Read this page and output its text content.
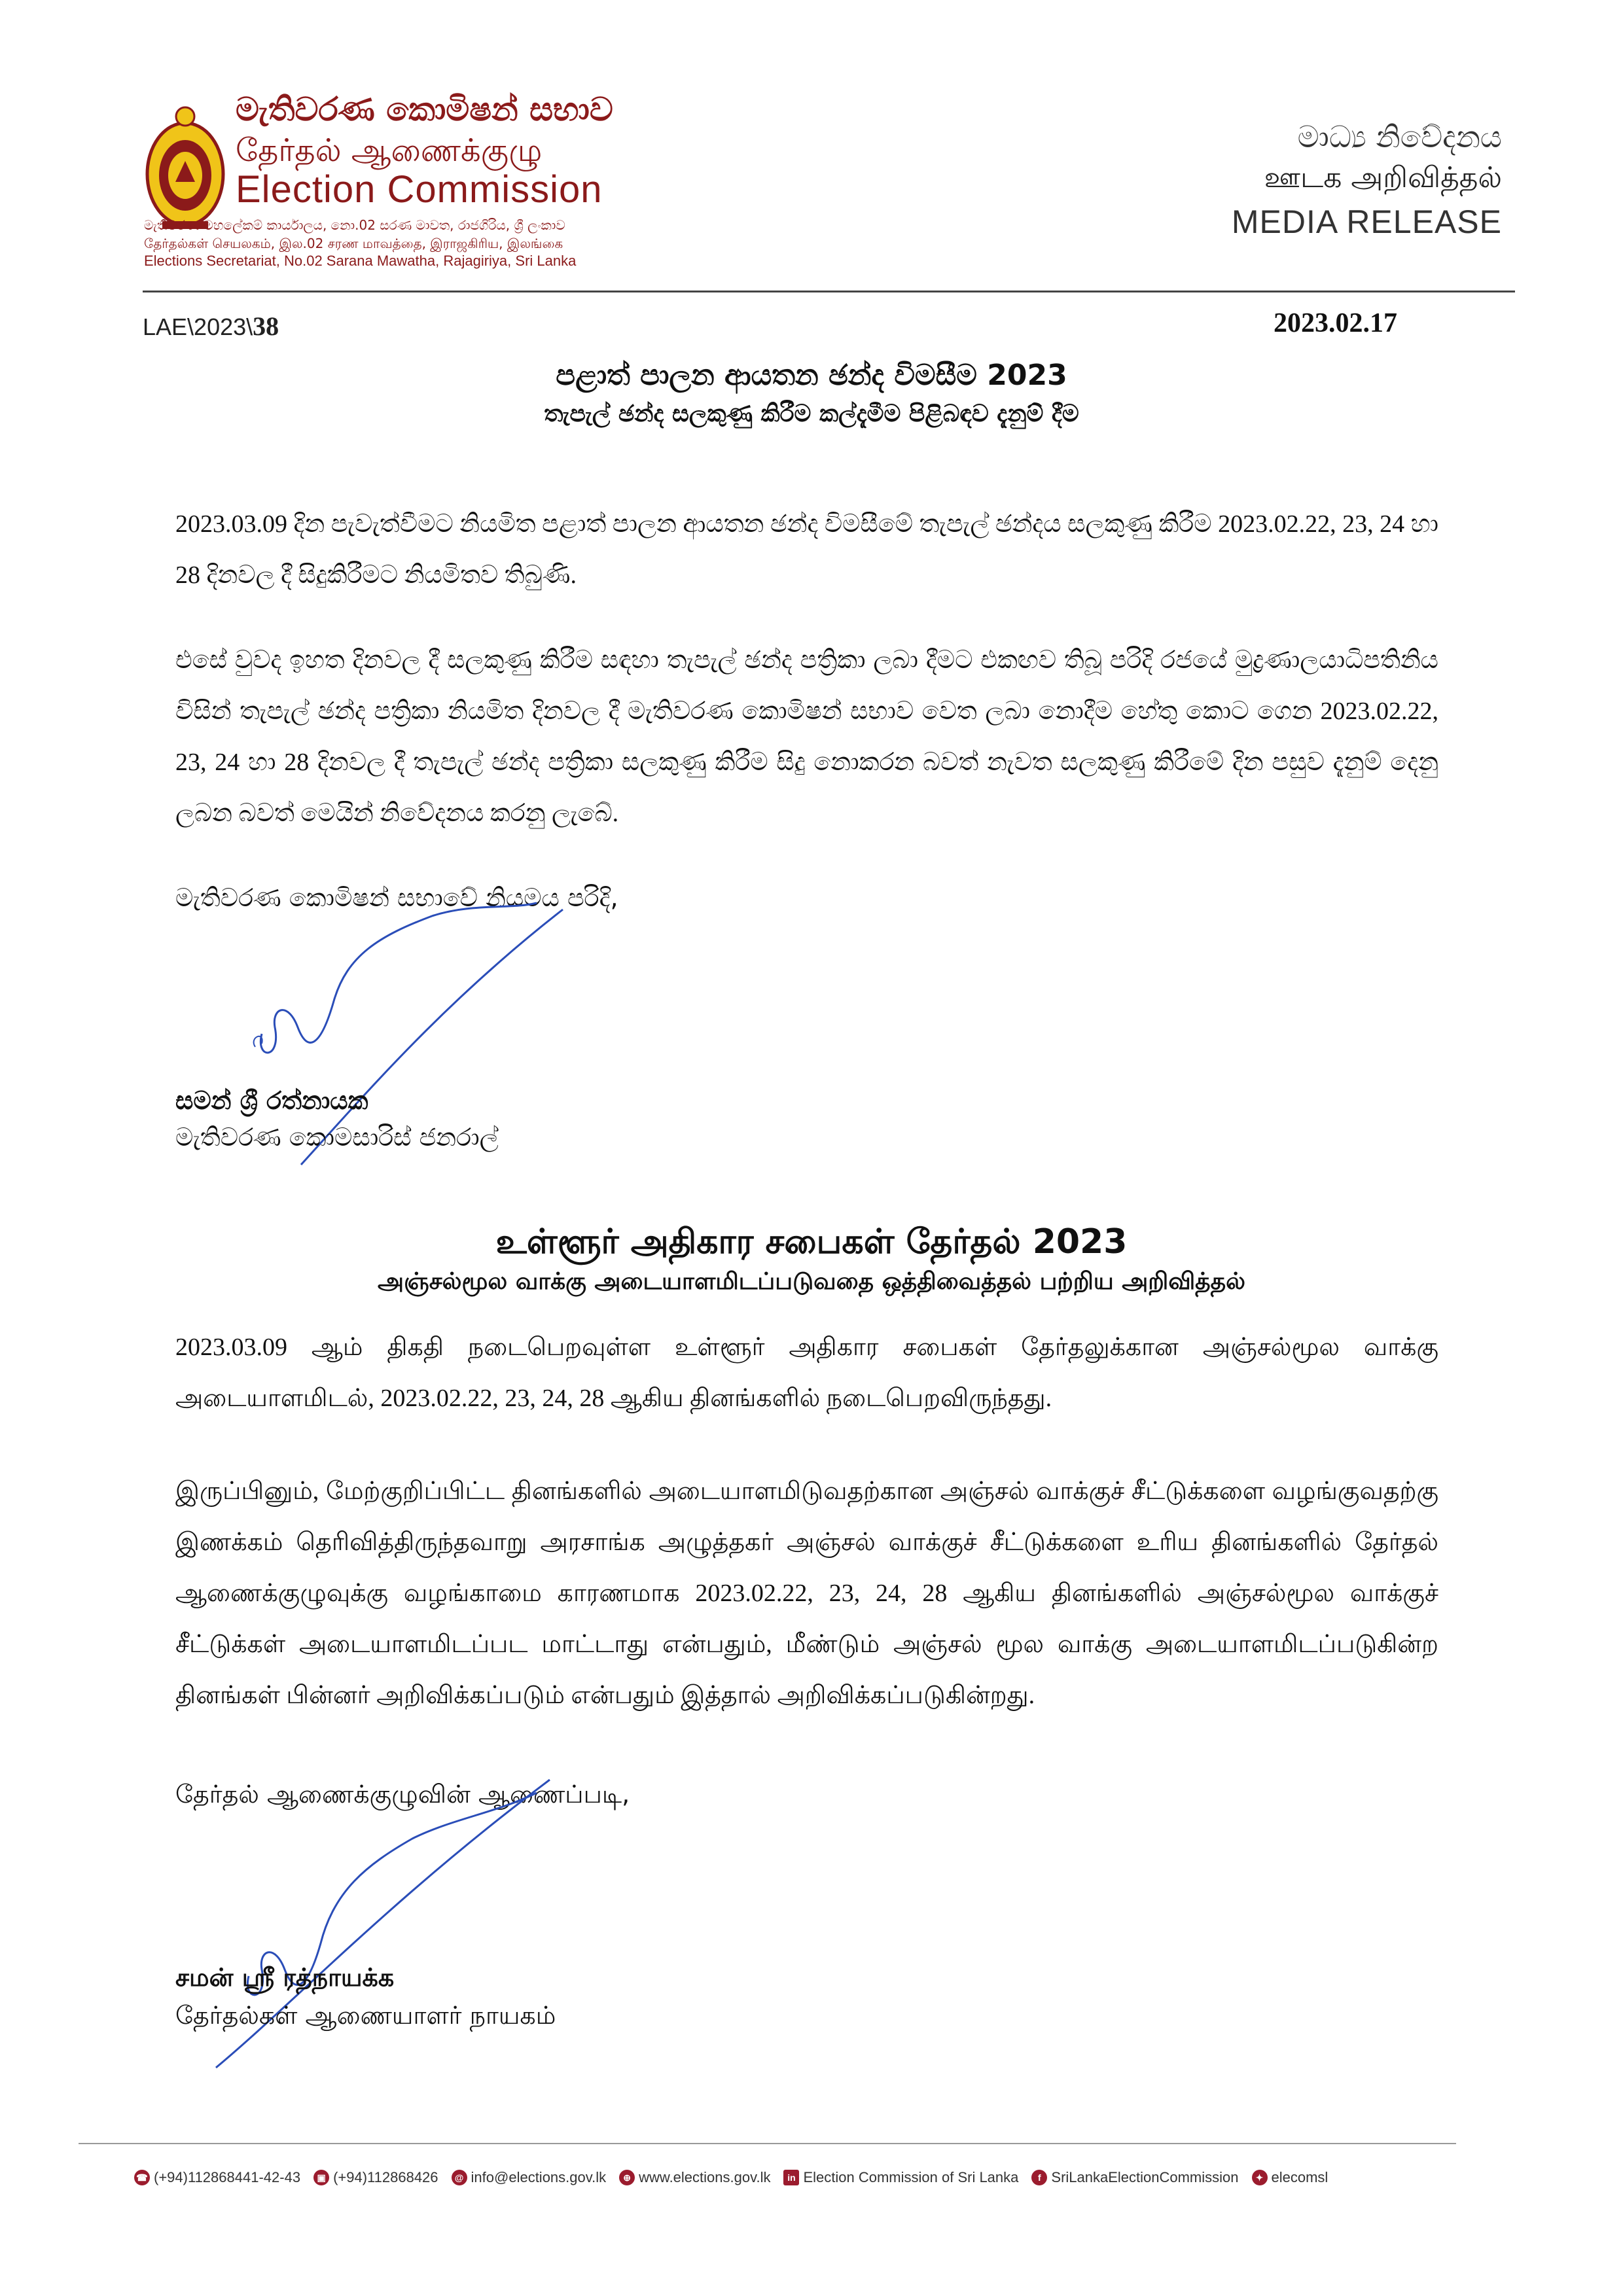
මැතිවරණ කොමිෂන් සභාව
தேர்தல் ஆணைக்குழு
Election Commission
මැතිවරණ මහලේකම් කාර්යාලය, නො.02 සරණ මාවත, රාජගිරිය, ශ්‍රී ලංකාව
தேர்தல்கள் செயலகம், இல.02 சரண மாவத்தை, இராஜகிரிய, இலங்கை
Elections Secretariat, No.02 Sarana Mawatha, Rajagiriya, Sri Lanka
මාධ්‍ය නිවේදනය
ஊடக அறிவித்தல்
MEDIA RELEASE
LAE\2023\38	2023.02.17
පළාත් පාලන ආයතන ඡන්ද විමසීම 2023
තැපැල් ඡන්ද සලකුණු කිරීම කල්දැමීම පිළිබඳව දැනුම් දීම
2023.03.09 දින පැවැත්වීමට නියමිත පළාත් පාලන ආයතන ඡන්ද විමසීමේ තැපැල් ඡන්දය සලකුණු කිරීම 2023.02.22, 23, 24 හා 28 දිනවල දී සිදුකිරීමට නියමිතව තිබුණි.
එසේ වුවද ඉහත දිනවල දී සලකුණු කිරීම සඳහා තැපැල් ඡන්ද පත්‍රිකා ලබා දීමට එකඟව තිබූ පරිදි රජයේ මුද්‍රණාලයාධිපතිනිය විසින් තැපැල් ඡන්ද පත්‍රිකා නියමිත දිනවල දී මැතිවරණ කොමිෂන් සභාව වෙත ලබා නොදීම හේතු කොට ගෙන 2023.02.22, 23, 24 හා 28 දිනවල දී තැපැල් ඡන්ද පත්‍රිකා සලකුණු කිරීම සිදු නොකරන බවත් නැවත සලකුණු කිරීමේ දින පසුව දැනුම් දෙනු ලබන බවත් මෙයින් නිවේදනය කරනු ලැබේ.
මැතිවරණ කොමිෂන් සභාවේ නියමය පරිදි,
සමන් ශ්‍රී රත්නායක
මැතිවරණ කොමසාරිස් ජනරාල්
உள்ளூர் அதிகார சபைகள் தேர்தல் 2023
அஞ்சல்மூல வாக்கு அடையாளமிடப்படுவதை ஒத்திவைத்தல் பற்றிய அறிவித்தல்
2023.03.09 ஆம் திகதி நடைபெறவுள்ள உள்ளூர் அதிகார சபைகள் தேர்தலுக்கான அஞ்சல்மூல வாக்கு அடையாளமிடல், 2023.02.22, 23, 24, 28 ஆகிய தினங்களில் நடைபெறவிருந்தது.
இருப்பினும், மேற்குறிப்பிட்ட தினங்களில் அடையாளமிடுவதற்கான அஞ்சல் வாக்குச் சீட்டுக்களை வழங்குவதற்கு இணக்கம் தெரிவித்திருந்தவாறு அரசாங்க அழுத்தகர் அஞ்சல் வாக்குச் சீட்டுக்களை உரிய தினங்களில் தேர்தல் ஆணைக்குழுவுக்கு வழங்காமை காரணமாக 2023.02.22, 23, 24, 28 ஆகிய தினங்களில் அஞ்சல்மூல வாக்குச் சீட்டுக்கள் அடையாளமிடப்பட மாட்டாது என்பதும், மீண்டும் அஞ்சல் மூல வாக்கு அடையாளமிடப்படுகின்ற தினங்கள் பின்னர் அறிவிக்கப்படும் என்பதும் இத்தால் அறிவிக்கப்படுகின்றது.
தேர்தல் ஆணைக்குழுவின் ஆணைப்படி,
சமன் ஸ்ரீ ரத்நாயக்க
தேர்தல்கள் ஆணையாளர் நாயகம்
☎ (+94)112868441-42-43	▣ (+94)112868426	@ info@elections.gov.lk	⊕ www.elections.gov.lk	in Election Commission of Sri Lanka	f SriLankaElectionCommission	✦ elecomsl
